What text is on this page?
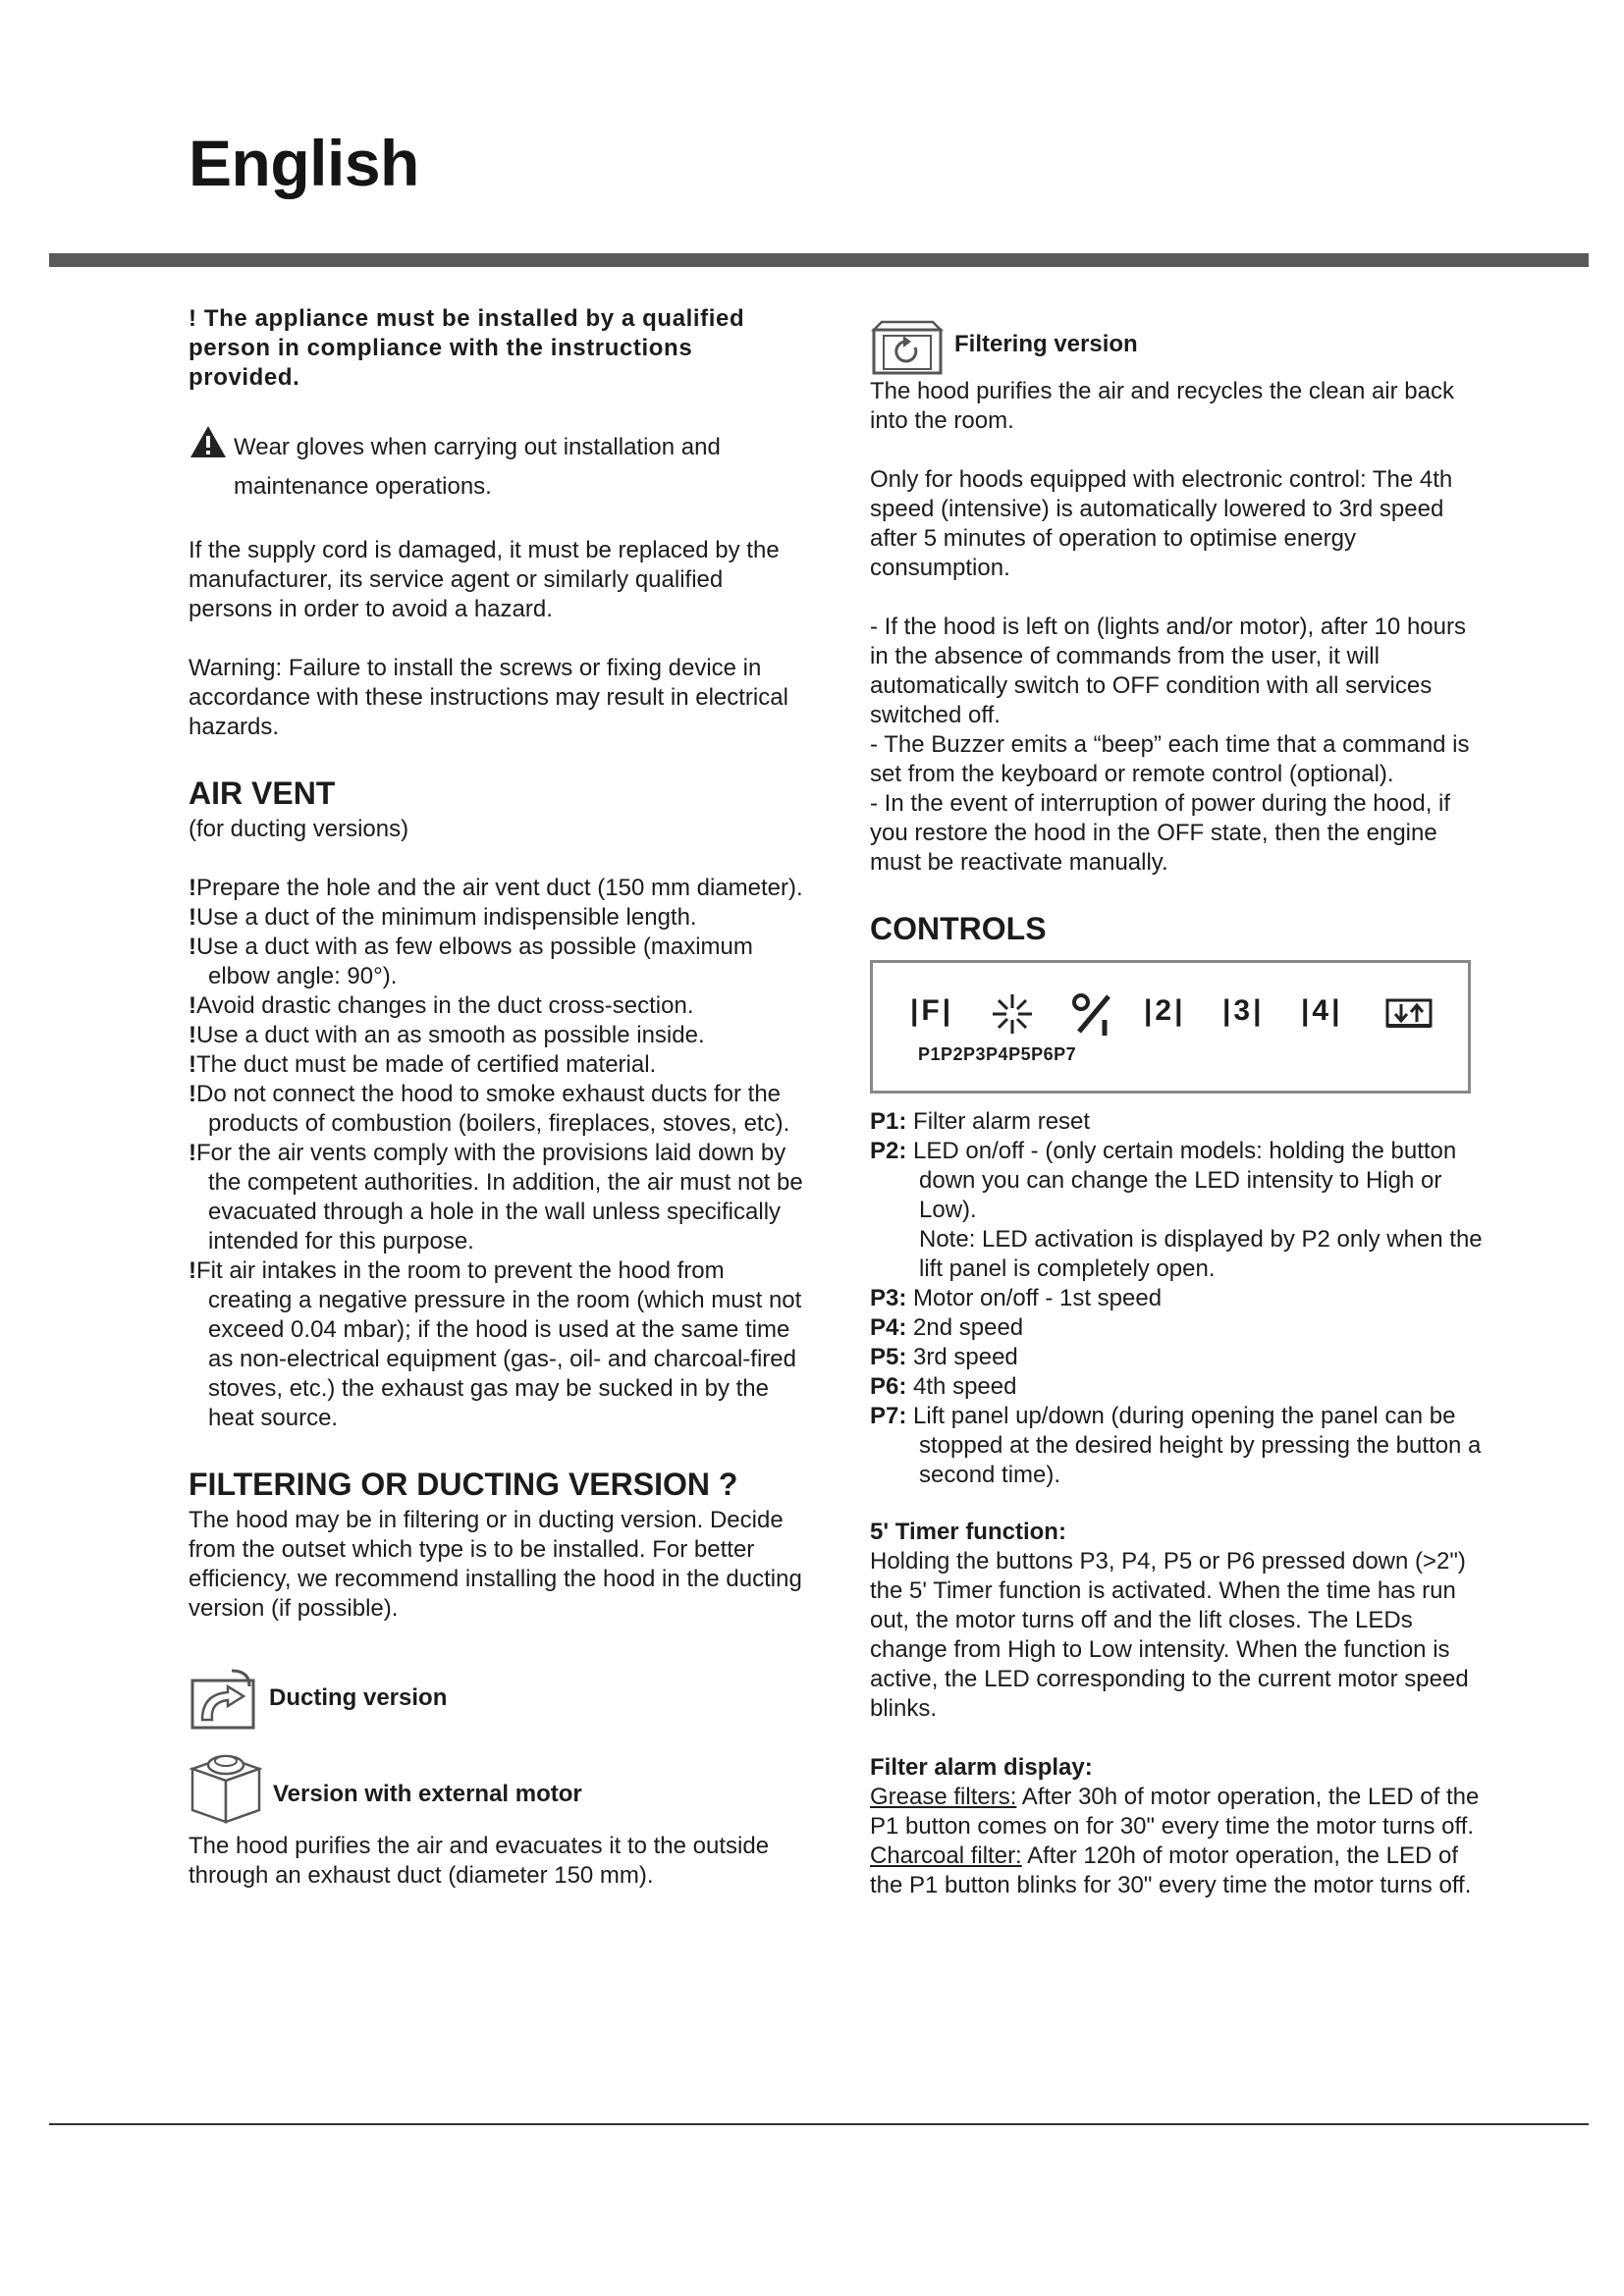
English

! The appliance must be installed by a qualified person in compliance with the instructions provided.

Wear gloves when carrying out installation and maintenance operations.

If the supply cord is damaged, it must be replaced by the manufacturer, its service agent or similarly qualified persons in order to avoid a hazard.

Warning: Failure to install the screws or fixing device in accordance with these instructions may result in electrical hazards.

AIR VENT

(for ducting versions)

!Prepare the hole and the air vent duct (150 mm diameter).

!Use a duct of the minimum indispensible length.

!Use a duct with as few elbows as possible (maximum elbow angle: 90°).

!Avoid drastic changes in the duct cross-section.

!Use a duct with an as smooth as possible inside.

!The duct must be made of certified material.

!Do not connect the hood to smoke exhaust ducts for the products of combustion (boilers, fireplaces, stoves, etc).

!For the air vents comply with the provisions laid down by the competent authorities. In addition, the air must not be evacuated through a hole in the wall unless specifically intended for this purpose.

!Fit air intakes in the room to prevent the hood from creating a negative pressure in the room (which must not exceed 0.04 mbar); if the hood is used at the same time as non-electrical equipment (gas-, oil- and charcoal-fired stoves, etc.) the exhaust gas may be sucked in by the heat source.

FILTERING OR DUCTING VERSION ?

The hood may be in filtering or in ducting version. Decide from the outset which type is to be installed. For better efficiency, we recommend installing the hood in the ducting version (if possible).

Ducting version
Version with external motor

The hood purifies the air and evacuates it to the outside through an exhaust duct (diameter 150 mm).

Filtering version

The hood purifies the air and recycles the clean air back into the room.

Only for hoods equipped with electronic control: The 4th speed (intensive) is automatically lowered to 3rd speed after 5 minutes of operation to optimise energy consumption.

- If the hood is left on (lights and/or motor), after 10 hours in the absence of commands from the user, it will automatically switch to OFF condition with all services switched off.

- The Buzzer emits a “beep” each time that a command is set from the keyboard or remote control (optional).

- In the event of interruption of power during the hood, if you restore the hood in the OFF state, then the engine must be reactivate manually.

CONTROLS
|F|	|2| |3| |4|
P1P2P3P4P5P6P7

P1: Filter alarm reset

P2: LED on/off - (only certain models: holding the button down you can change the LED intensity to High or Low).

Note: LED activation is displayed by P2 only when the lift panel is completely open.

P3: Motor on/off - 1st speed

P4: 2nd speed

P5: 3rd speed

P6: 4th speed

P7: Lift panel up/down (during opening the panel can be stopped at the desired height by pressing the button a second time).

5' Timer function:

Holding the buttons P3, P4, P5 or P6 pressed down (>2") the 5' Timer function is activated. When the time has run out, the motor turns off and the lift closes. The LEDs change from High to Low intensity. When the function is active, the LED corresponding to the current motor speed blinks.

Filter alarm display:

Grease filters: After 30h of motor operation, the LED of the P1 button comes on for 30" every time the motor turns off.

Charcoal filter: After 120h of motor operation, the LED of the P1 button blinks for 30" every time the motor turns off.
